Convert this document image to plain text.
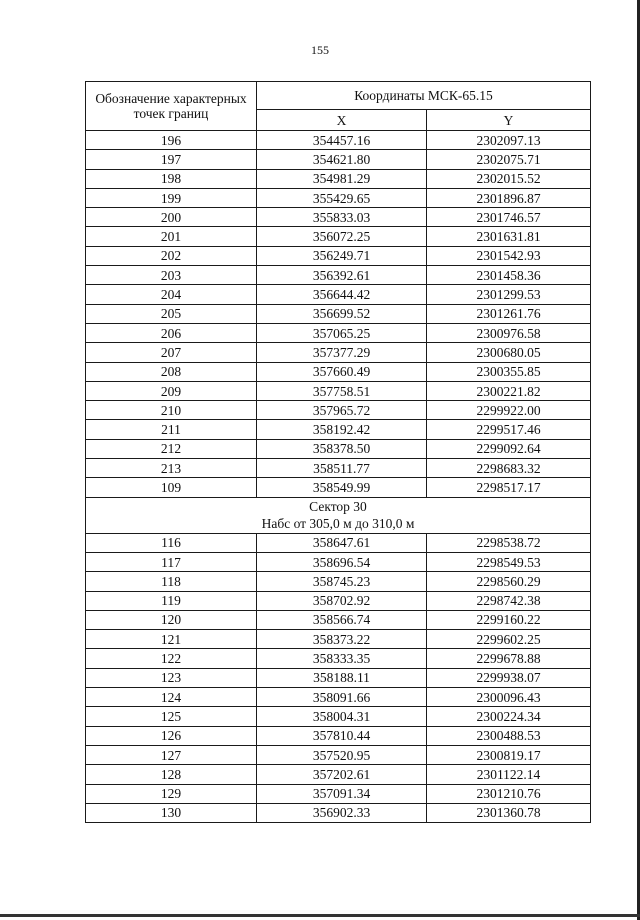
155
Обозначение характерных
точек границ	Координаты МСК-65.15	
	X	Y
196	354457.16	2302097.13
197	354621.80	2302075.71
198	354981.29	2302015.52
199	355429.65	2301896.87
200	355833.03	2301746.57
201	356072.25	2301631.81
202	356249.71	2301542.93
203	356392.61	2301458.36
204	356644.42	2301299.53
205	356699.52	2301261.76
206	357065.25	2300976.58
207	357377.29	2300680.05
208	357660.49	2300355.85
209	357758.51	2300221.82
210	357965.72	2299922.00
211	358192.42	2299517.46
212	358378.50	2299092.64
213	358511.77	2298683.32
109	358549.99	2298517.17
Сектор 30
Набс от 305,0 м до 310,0 м		
116	358647.61	2298538.72
117	358696.54	2298549.53
118	358745.23	2298560.29
119	358702.92	2298742.38
120	358566.74	2299160.22
121	358373.22	2299602.25
122	358333.35	2299678.88
123	358188.11	2299938.07
124	358091.66	2300096.43
125	358004.31	2300224.34
126	357810.44	2300488.53
127	357520.95	2300819.17
128	357202.61	2301122.14
129	357091.34	2301210.76
130	356902.33	2301360.78
